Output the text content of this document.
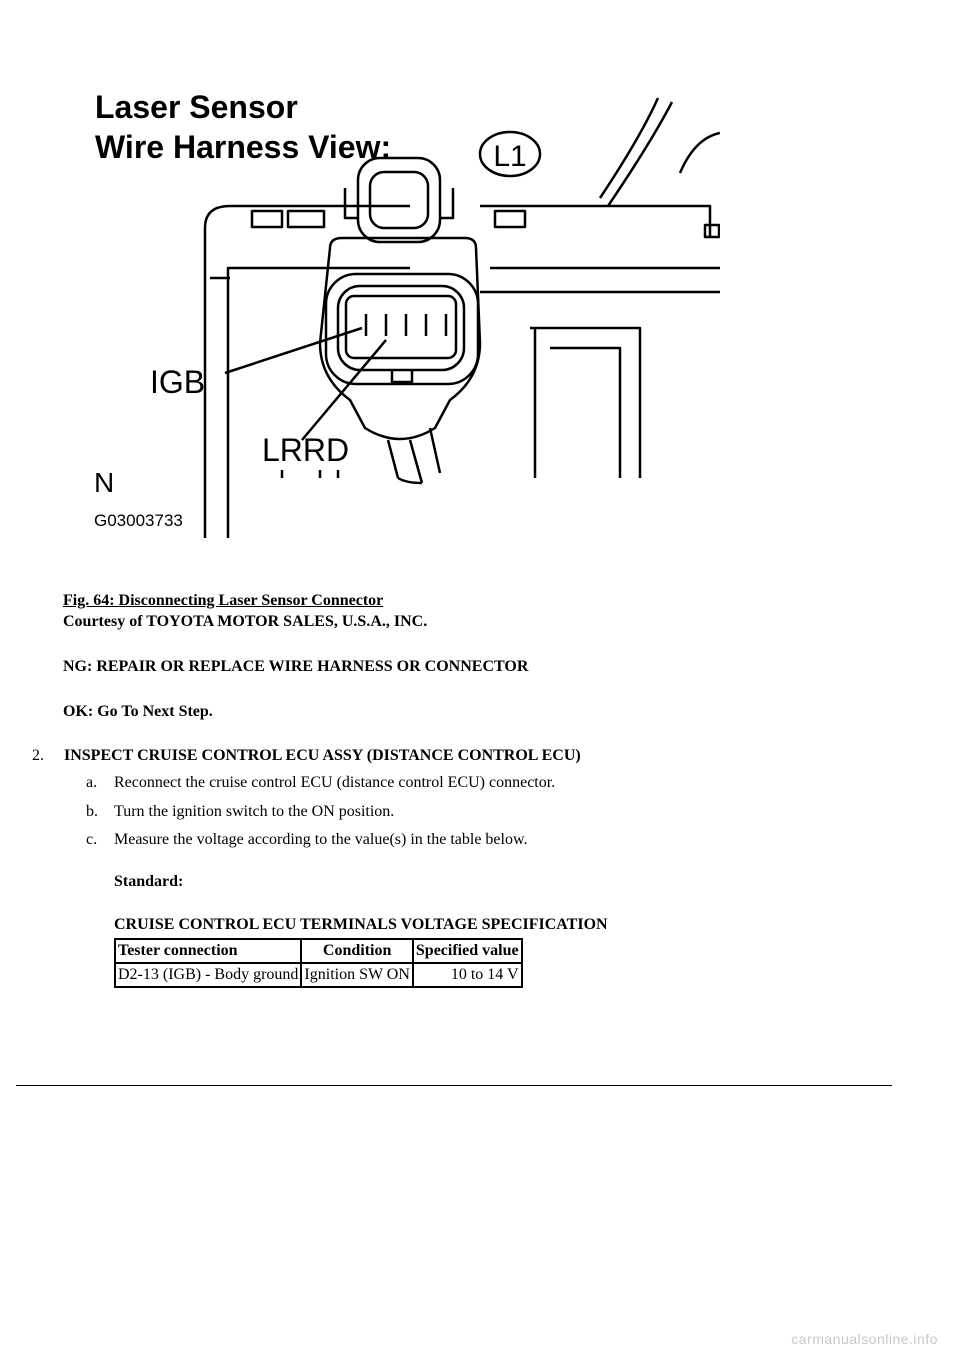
L1
Laser Sensor
Wire Harness View:
IGB
LRRD
N
G03003733
Fig. 64: Disconnecting Laser Sensor Connector
Courtesy of TOYOTA MOTOR SALES, U.S.A., INC.
NG: REPAIR OR REPLACE WIRE HARNESS OR CONNECTOR
OK: Go To Next Step.
2. INSPECT CRUISE CONTROL ECU ASSY (DISTANCE CONTROL ECU)
a. Reconnect the cruise control ECU (distance control ECU) connector.
b. Turn the ignition switch to the ON position.
c. Measure the voltage according to the value(s) in the table below.
Standard:
CRUISE CONTROL ECU TERMINALS VOLTAGE SPECIFICATION
Tester connection	Condition	Specified value
D2-13 (IGB) - Body ground	Ignition SW ON	10 to 14 V
carmanualsonline.info
